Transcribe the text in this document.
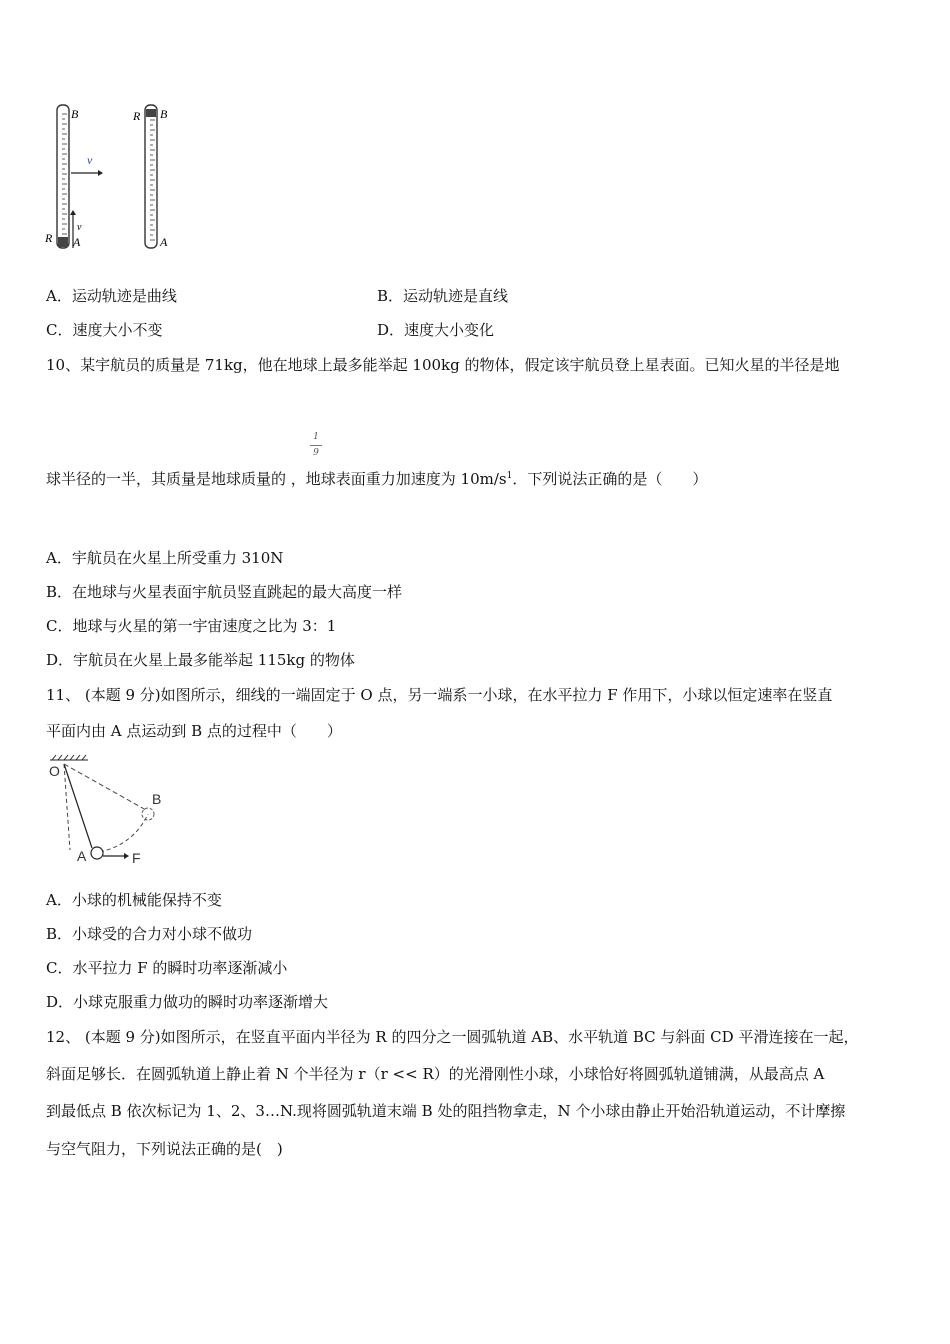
B
R A
v
v
R B
A
A．运动轨迹是曲线	B．运动轨迹是直线
C．速度大小不变	D．速度大小变化
10、某宇航员的质量是 71kg，他在地球上最多能举起 100kg 的物体，假定该宇航员登上星表面。已知火星的半径是地
1
9
球半径的一半，其质量是地球质量的 ，地球表面重力加速度为 $10m/s^1$．下列说法正确的是（　　）
A．宇航员在火星上所受重力 310N
B．在地球与火星表面宇航员竖直跳起的最大高度一样
C．地球与火星的第一宇宙速度之比为 3：1
D．宇航员在火星上最多能举起 115kg 的物体
11、 (本题 9 分)如图所示，细线的一端固定于 O 点，另一端系一小球，在水平拉力 F 作用下，小球以恒定速率在竖直
平面内由 A 点运动到 B 点的过程中（　　）
O
B
A	F
A．小球的机械能保持不变
B．小球受的合力对小球不做功
C．水平拉力 F 的瞬时功率逐渐减小
D．小球克服重力做功的瞬时功率逐渐增大
12、 (本题 9 分)如图所示，在竖直平面内半径为 R 的四分之一圆弧轨道 AB、水平轨道 BC 与斜面 CD 平滑连接在一起，
斜面足够长．在圆弧轨道上静止着 N 个半径为 r（r << R）的光滑刚性小球，小球恰好将圆弧轨道铺满，从最高点 A
到最低点 B 依次标记为 1、2、3…N.现将圆弧轨道末端 B 处的阻挡物拿走，N 个小球由静止开始沿轨道运动，不计摩擦
与空气阻力，下列说法正确的是(　)
